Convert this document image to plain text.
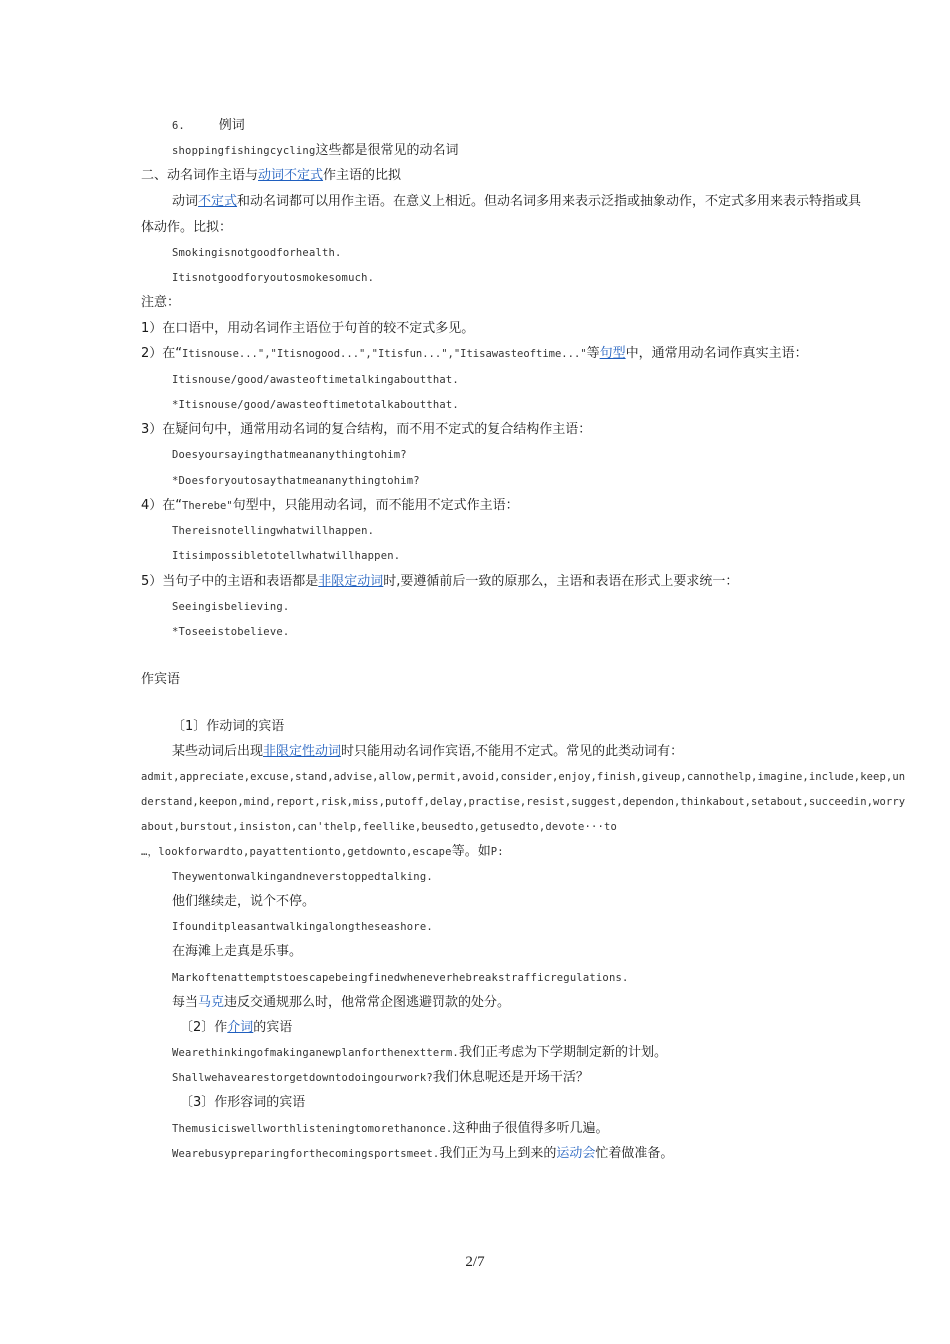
6.	例词
shoppingfishingcycling这些都是很常见的动名词
二、动名词作主语与动词不定式作主语的比拟
动词不定式和动名词都可以用作主语。在意义上相近。但动名词多用来表示泛指或抽象动作，不定式多用来表示特指或具
体动作。比拟：
Smokingisnotgoodforhealth.
Itisnotgoodforyoutosmokesomuch.
注意：
1）在口语中，用动名词作主语位于句首的较不定式多见。
2）在“Itisnouse...","Itisnogood...","Itisfun...","Itisawasteoftime..."等句型中，通常用动名词作真实主语：
Itisnouse/good/awasteoftimetalkingaboutthat.
*Itisnouse/good/awasteoftimetotalkaboutthat.
3）在疑问句中，通常用动名词的复合结构，而不用不定式的复合结构作主语：
Doesyoursayingthatmeananythingtohim?
*Doesforyoutosaythatmeananythingtohim?
4）在“Therebe"句型中，只能用动名词，而不能用不定式作主语：
Thereisnotellingwhatwillhappen.
Itisimpossibletotellwhatwillhappen.
5）当句子中的主语和表语都是非限定动词时,要遵循前后一致的原那么，主语和表语在形式上要求统一：
Seeingisbelieving.
*Toseeistobelieve.
作宾语
〔1〕作动词的宾语
某些动词后出现非限定性动词时只能用动名词作宾语,不能用不定式。常见的此类动词有：
admit,appreciate,excuse,stand,advise,allow,permit,avoid,consider,enjoy,finish,giveup,cannothelp,imagine,include,keep,un
derstand,keepon,mind,report,risk,miss,putoff,delay,practise,resist,suggest,dependon,thinkabout,setabout,succeedin,worry
about,burstout,insiston,can'thelp,feellike,beusedto,getusedto,devote···to
…，lookforwardto,payattentionto,getdownto,escape等。如P:
Theywentonwalkingandneverstoppedtalking.
他们继续走，说个不停。
Ifounditpleasantwalkingalongtheseashore.
在海滩上走真是乐事。
Markoftenattemptstoescapebeingfinedwheneverhebreakstrafficregulations.
每当马克违反交通规那么时，他常常企图逃避罚款的处分。
〔2〕作介词的宾语
Wearethinkingofmakinganewplanforthenextterm.我们正考虑为下学期制定新的计划。
Shallwehavearestorgetdowntodoingourwork?我们休息呢还是开场干活？
〔3〕作形容词的宾语
Themusiciswellworthlisteningtomorethanonce.这种曲子很值得多听几遍。
Wearebusypreparingforthecomingsportsmeet.我们正为马上到来的运动会忙着做准备。
2/7
